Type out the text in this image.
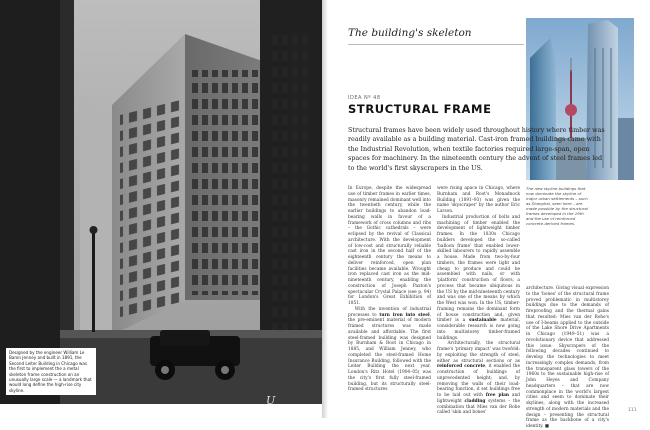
Designed by the engineer William Le Baron Jenney and built in 1891, the Second Leiter Building in Chicago was the first to implement the a metal skeleton frame construction on an unusually large scale — a landmark that would long define the high-rise city skyline.
U Radmedu
The building's skeleton
IDEA Nº 48
STRUCTURAL FRAME
Structural frames have been widely used throughout history where timber was readily available as a building material. Cast-iron framed buildings came with the Industrial Revolution, when textile factories required large-span, open spaces for machinery. In the nineteenth century the advent of steel frames led to the world's first skyscrapers in the US.
In Europe, despite the widespread use of timber frames in earlier times, masonry remained dominant well into the twentieth century, while the earlier buildings to abandon load-bearing walls in favour of a framework of cross columns and ribs – the Gothic cathedrals – were eclipsed by the revival of Classical architecture. With the development of low-cost and structurally reliable cast iron in the second half of the eighteenth century the means to deliver reinforced, open plan facilities became available. Wrought iron replaced cast iron as the mid-nineteenth century, enabling the construction of Joseph Paxton's spectacular Crystal Palace (see p. 94) for London's Great Exhibition of 1851.
With the invention of industrial processes to turn iron into steel, the pre-eminent material of modern framed structures was made available and affordable. The first steel-framed building was designed by Burnham & Root in Chicago in 1885, and William Jenney, who completed the steel-framed Home Insurance Building, followed with the Leiter Building the next year. London's Ritz Hotel (1904–05) was the city's first fully steel-framed building, but its structurally steel-framed structures
were rising apace in Chicago, where Burnham and Root's Monadnock Building (1891–93) was given the name 'skyscraper' by the author Eric Larson.
Industrial production of bolts and machining of timber enabled the development of lightweight timber frames. In the 1830s Chicago builders developed the so-called 'balloon frame' that enabled lower-skilled labourers to rapidly assemble a house. Made from two-by-four timbers, the frames were light and cheap to produce and could be assembled with nails, or with 'platform' construction of floors, a process that became ubiquitous in the US by the mid-nineteenth century and was one of the means by which the West was won. In the US, timber-framing remains the dominant form of house construction and, given timber is a sustainable material, considerable research is now going into multistorey timber-framed buildings.
Architecturally, the structural frame's 'primary impact' was twofold: by exploiting the strength of steel, either as structural sections or as reinforced concrete, it enabled the construction of buildings of unprecedented height; and, by removing the walls of their load-bearing function, it set buildings free to be laid out with free plan and lightweight cladding systems – the combination that Mies van der Rohe called 'skin and bones'
architecture. Giving visual expression to the 'bones' of the structural frame proved problematic in multistorey buildings due to the demands of fireproofing and the thermal gains that resulted: Mies van der Rohe's use of I-beams applied to the outside of the Lake Shore Drive Apartments in Chicago (1949–51) was a revolutionary device that addressed this issue. Skyscrapers of the following decades continued to develop the technologies to meet increasingly complex demands, from the transparent glass towers of the 1960s to the sustainable high-rise of John Heyes and Company headquarters – that are now commonplace in the world's largest cities and seem to dominate their skylines, along with the increased strength of modern materials and the design – presenting the structural frame as the backbone of a city's identity. ■
The new skyline buildings that now dominate the skyline of major urban settlements – such as Shanghai, seen here – are made possible by the structural frames developed in the 19th and the use of reinforced concrete-derived frames.
111
